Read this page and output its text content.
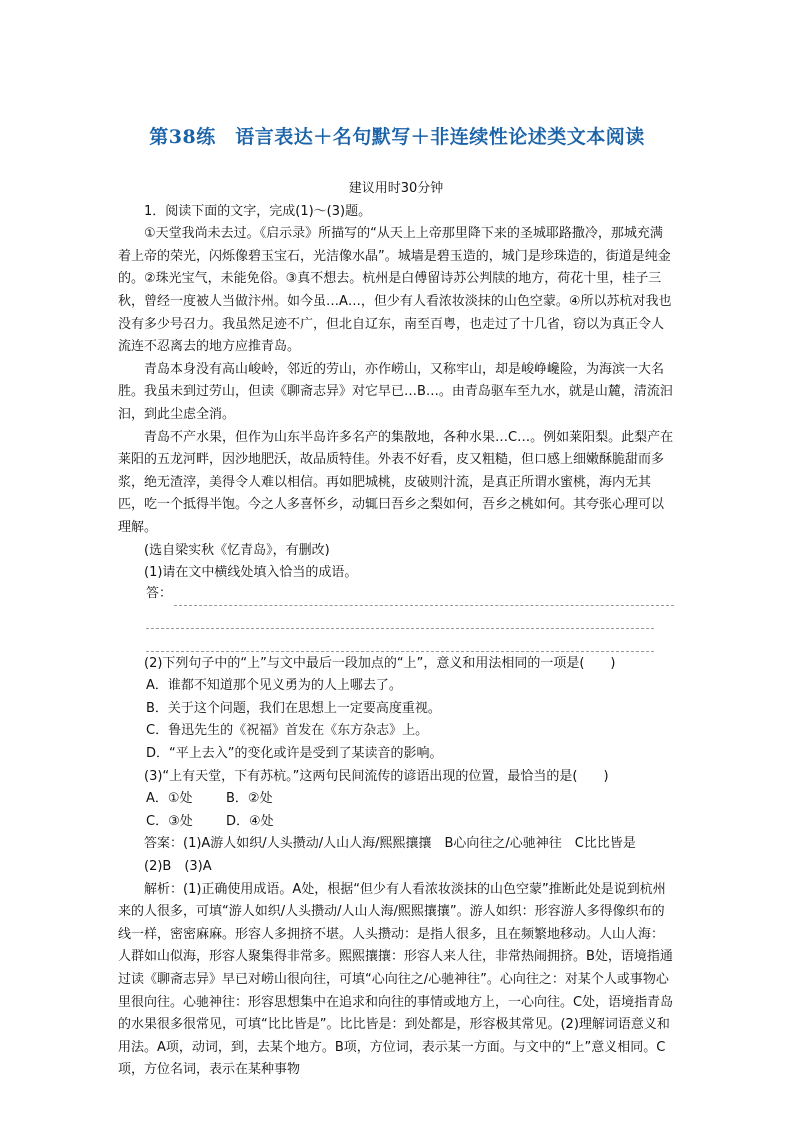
第38练　语言表达＋名句默写＋非连续性论述类文本阅读

建议用时30分钟

1．阅读下面的文字，完成(1)～(3)题。

①天堂我尚未去过。《启示录》所描写的“从天上上帝那里降下来的圣城耶路撒冷，那城充满着上帝的荣光，闪烁像碧玉宝石，光洁像水晶”。城墙是碧玉造的，城门是珍珠造的，街道是纯金的。②珠光宝气，未能免俗。③真不想去。杭州是白傅留诗苏公判牍的地方，荷花十里，桂子三秋，曾经一度被人当做汴州。如今虽…A…，但少有人看浓妆淡抹的山色空蒙。④所以苏杭对我也没有多少号召力。我虽然足迹不广，但北自辽东，南至百粤，也走过了十几省，窃以为真正令人流连不忍离去的地方应推青岛。

青岛本身没有高山峻岭，邻近的劳山，亦作崂山，又称牢山，却是峻峥巉险，为海滨一大名胜。我虽未到过劳山，但读《聊斋志异》对它早已…B…。由青岛驱车至九水，就是山麓，清流汩汩，到此尘虑全消。

青岛不产水果，但作为山东半岛许多名产的集散地，各种水果…C…。例如莱阳梨。此梨产在莱阳的五龙河畔，因沙地肥沃，故品质特佳。外表不好看，皮又粗糙，但口感上细嫩酥脆甜而多浆，绝无渣滓，美得令人难以相信。再如肥城桃，皮破则汁流，是真正所谓水蜜桃，海内无其匹，吃一个抵得半饱。今之人多喜怀乡，动辄曰吾乡之梨如何，吾乡之桃如何。其夸张心理可以理解。

(选自梁实秋《忆青岛》，有删改)

(1)请在文中横线处填入恰当的成语。

答：

(2)下列句子中的“上”与文中最后一段加点的“上”，意义和用法相同的一项是(　　)

A．谁都不知道那个见义勇为的人上哪去了。

B．关于这个问题，我们在思想上一定要高度重视。

C．鲁迅先生的《祝福》首发在《东方杂志》上。

D．“平上去入”的变化或许是受到了某读音的影响。

(3)“上有天堂，下有苏杭。”这两句民间流传的谚语出现的位置，最恰当的是(　　)

A．①处	B．②处
C．③处	D．④处

答案：(1)A游人如织/人头攒动/人山人海/熙熙攘攘　B心向往之/心驰神往　C比比皆是

(2)B　(3)A

解析：(1)正确使用成语。A处，根据“但少有人看浓妆淡抹的山色空蒙”推断此处是说到杭州来的人很多，可填“游人如织/人头攒动/人山人海/熙熙攘攘”。游人如织：形容游人多得像织布的线一样，密密麻麻。形容人多拥挤不堪。人头攒动：是指人很多，且在频繁地移动。人山人海：人群如山似海，形容人聚集得非常多。熙熙攘攘：形容人来人往，非常热闹拥挤。B处，语境指通过读《聊斋志异》早已对崂山很向往，可填“心向往之/心驰神往”。心向往之：对某个人或事物心里很向往。心驰神往：形容思想集中在追求和向往的事情或地方上，一心向往。C处，语境指青岛的水果很多很常见，可填“比比皆是”。比比皆是：到处都是，形容极其常见。(2)理解词语意义和用法。A项，动词，到，去某个地方。B项，方位词，表示某一方面。与文中的“上”意义相同。C项，方位名词，表示在某种事物
